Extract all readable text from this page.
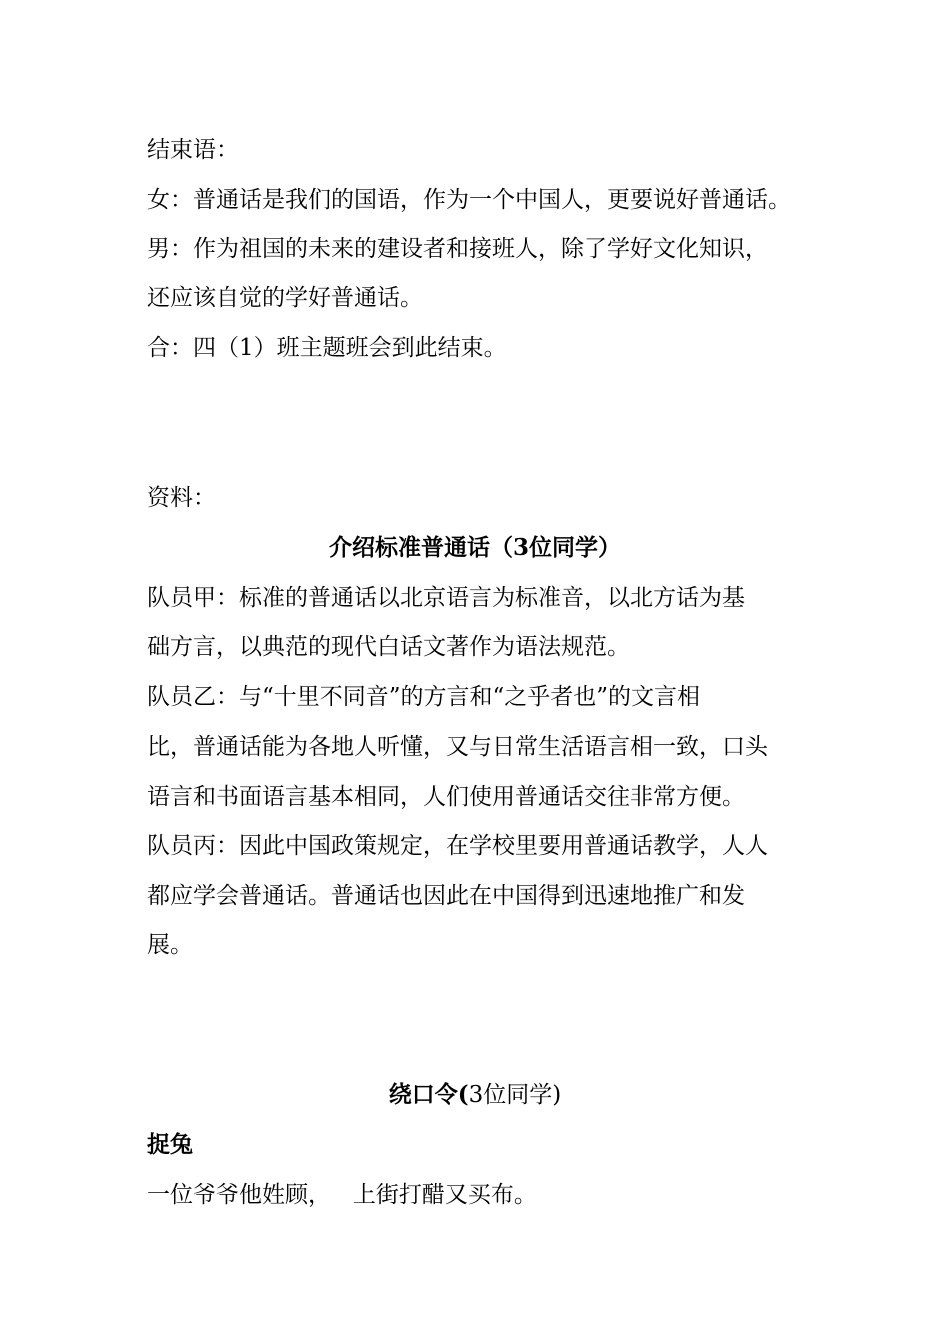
结束语：
女：普通话是我们的国语，作为一个中国人，更要说好普通话。
男：作为祖国的未来的建设者和接班人，除了学好文化知识，
还应该自觉的学好普通话。
合：四（1）班主题班会到此结束。
资料：
介绍标准普通话（3位同学）
队员甲：标准的普通话以北京语言为标准音，以北方话为基
础方言，以典范的现代白话文著作为语法规范。
队员乙：与“十里不同音”的方言和“之乎者也”的文言相
比，普通话能为各地人听懂，又与日常生活语言相一致，口头
语言和书面语言基本相同，人们使用普通话交往非常方便。
队员丙：因此中国政策规定，在学校里要用普通话教学，人人
都应学会普通话。普通话也因此在中国得到迅速地推广和发
展。
绕口令(3位同学)
捉兔
一位爷爷他姓顾，   上街打醋又买布。
